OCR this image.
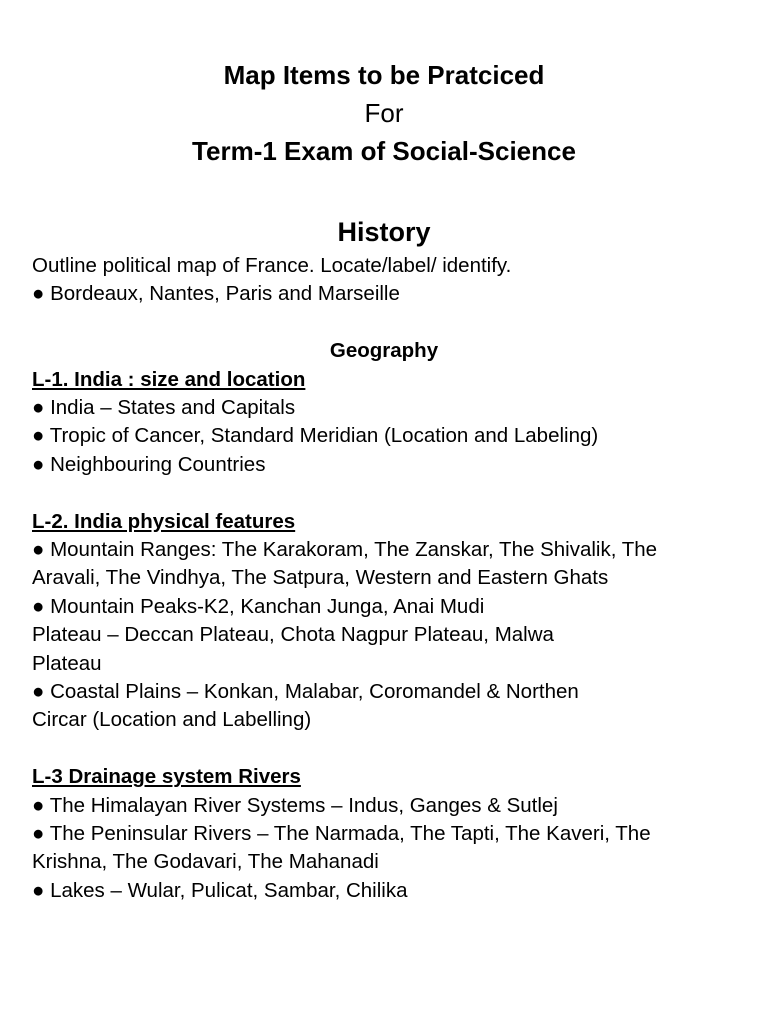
Map Items to be Pratciced
For
Term-1 Exam of Social-Science
History

Outline political map of France. Locate/label/ identify.

● Bordeaux, Nantes, Paris and Marseille

Geography

L-1. India : size and location

● India – States and Capitals

● Tropic of Cancer, Standard Meridian (Location and Labeling)

● Neighbouring Countries

L-2. India physical features

● Mountain Ranges: The Karakoram, The Zanskar, The Shivalik, The

Aravali, The Vindhya, The Satpura, Western and Eastern Ghats

● Mountain Peaks-K2, Kanchan Junga, Anai Mudi

Plateau – Deccan Plateau, Chota Nagpur Plateau, Malwa

Plateau

● Coastal Plains – Konkan, Malabar, Coromandel & Northen

Circar (Location and Labelling)

L-3 Drainage system Rivers

● The Himalayan River Systems – Indus, Ganges & Sutlej

● The Peninsular Rivers – The Narmada, The Tapti, The Kaveri, The

Krishna, The Godavari, The Mahanadi

● Lakes – Wular, Pulicat, Sambar, Chilika
